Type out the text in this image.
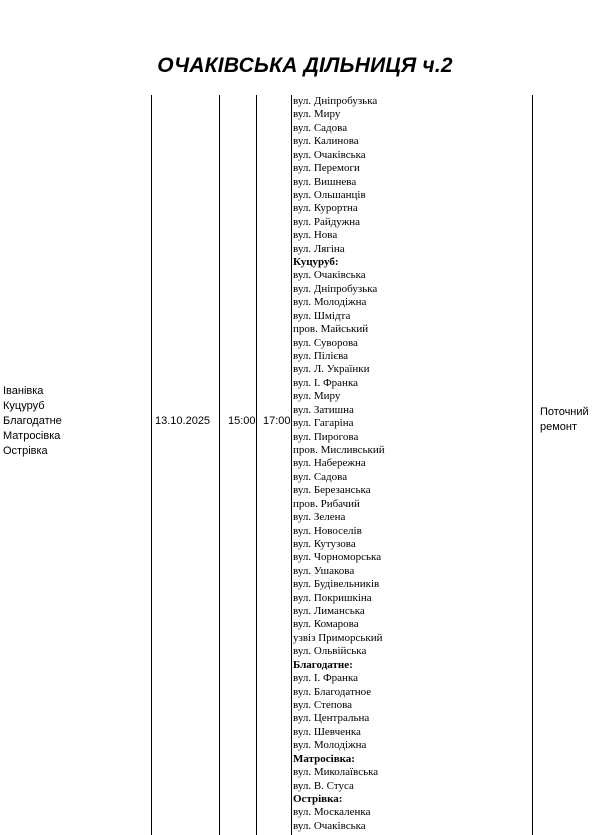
ОЧАКІВСЬКА ДІЛЬНИЦЯ ч.2
Іванівка
Куцуруб
Благодатне
Матросівка
Острівка
13.10.2025 15:00 17:00
Поточний
ремонт
вул. Дніпробузька
вул. Миру
вул. Садова
вул. Калинова
вул. Очаківська
вул. Перемоги
вул. Вишнева
вул. Ольшанців
вул. Курортна
вул. Райдужна
вул. Нова
вул. Лягіна
Куцуруб:
вул. Очаківська
вул. Дніпробузька
вул. Молодіжна
вул. Шмідта
пров. Майський
вул. Суворова
вул. Пілієва
вул. Л. Українки
вул. І. Франка
вул. Миру
вул. Затишна
вул. Гагаріна
вул. Пирогова
пров. Мисливський
вул. Набережна
вул. Садова
вул. Березанська
пров. Рибачий
вул. Зелена
вул. Новоселів
вул. Кутузова
вул. Чорноморська
вул. Ушакова
вул. Будівельників
вул. Покришкіна
вул. Лиманська
вул. Комарова
узвіз Приморський
вул. Ольвійська
Благодатне:
вул. І. Франка
вул. Благодатное
вул. Степова
вул. Центральна
вул. Шевченка
вул. Молодіжна
Матросівка:
вул. Миколаївська
вул. В. Стуса
Острівка:
вул. Москаленка
вул. Очаківська
